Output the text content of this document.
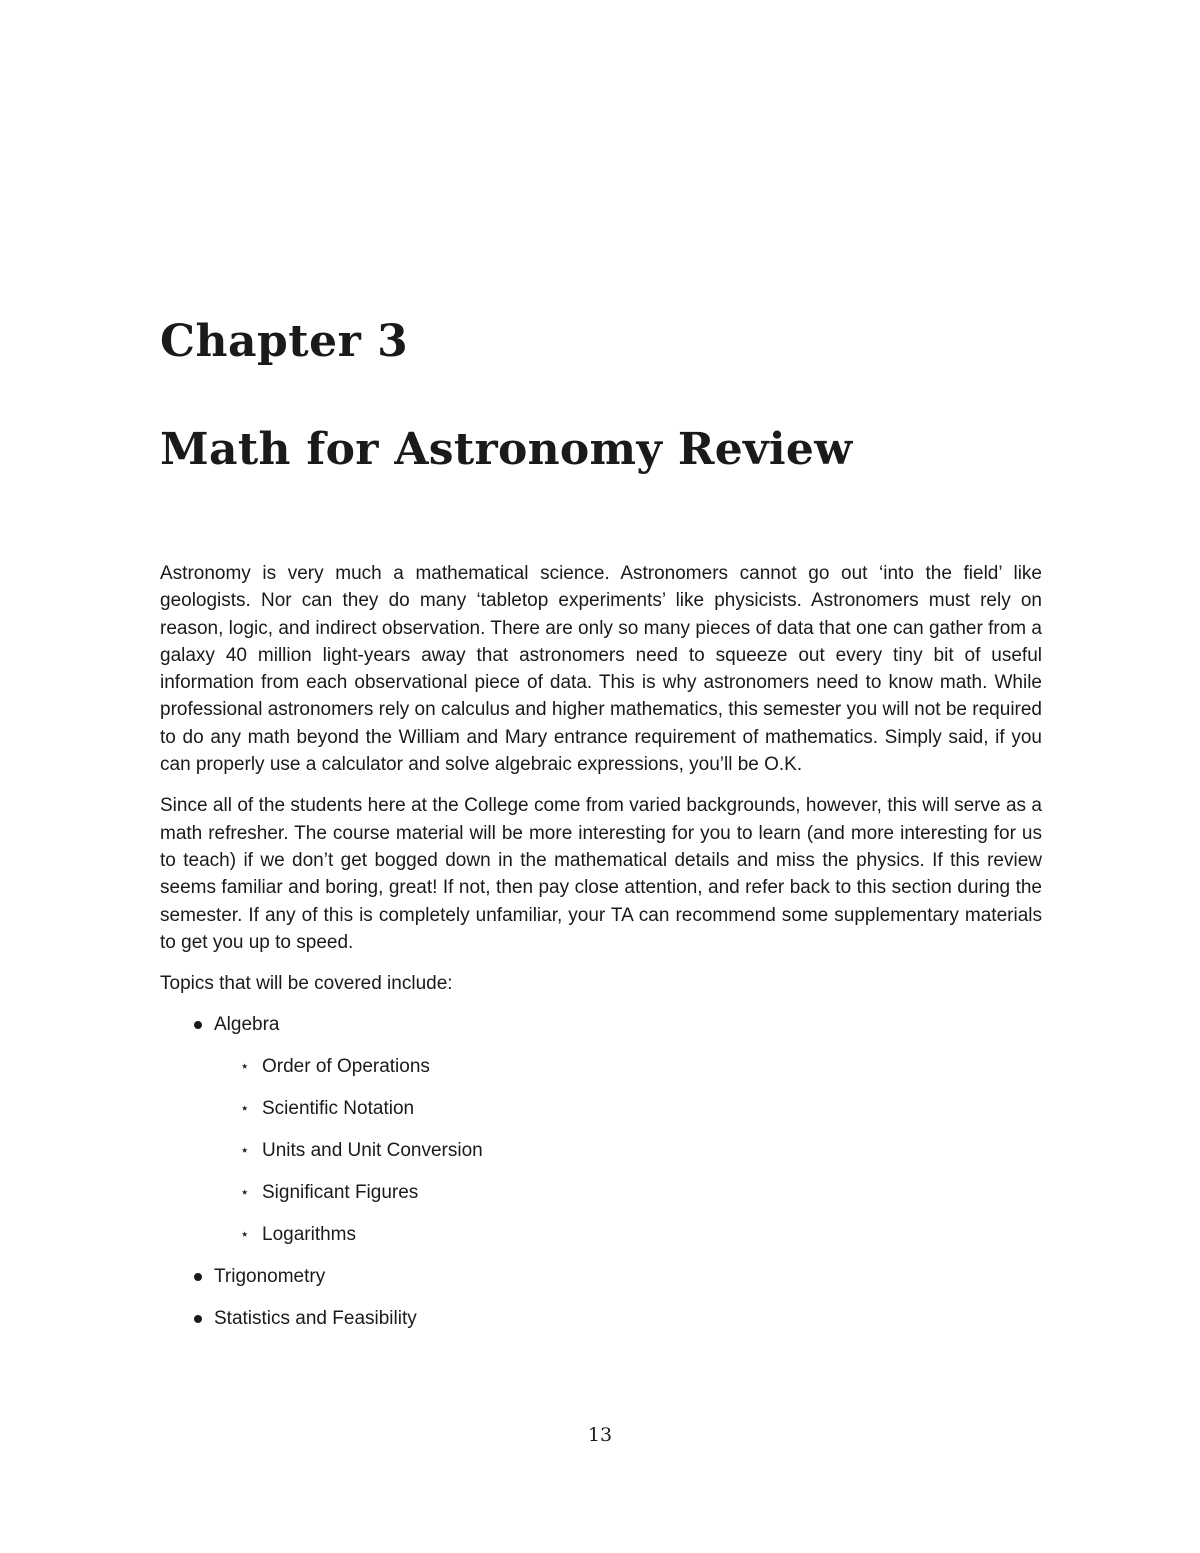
Chapter 3
Math for Astronomy Review

Astronomy is very much a mathematical science. Astronomers cannot go out ‘into the field’ like geologists. Nor can they do many ‘tabletop experiments’ like physicists. Astronomers must rely on reason, logic, and indirect observation. There are only so many pieces of data that one can gather from a galaxy 40 million light-years away that astronomers need to squeeze out every tiny bit of useful information from each observational piece of data. This is why astronomers need to know math. While professional astronomers rely on calculus and higher mathematics, this semester you will not be required to do any math beyond the William and Mary entrance requirement of mathematics. Simply said, if you can properly use a calculator and solve algebraic expressions, you’ll be O.K.

Since all of the students here at the College come from varied backgrounds, however, this will serve as a math refresher. The course material will be more interesting for you to learn (and more interesting for us to teach) if we don’t get bogged down in the mathematical details and miss the physics. If this review seems familiar and boring, great! If not, then pay close attention, and refer back to this section during the semester. If any of this is completely unfamiliar, your TA can recommend some supplementary materials to get you up to speed.

Topics that will be covered include:
Algebra
⋆ Order of Operations
⋆ Scientific Notation
⋆ Units and Unit Conversion
⋆ Significant Figures
⋆ Logarithms
Trigonometry
Statistics and Feasibility
13
